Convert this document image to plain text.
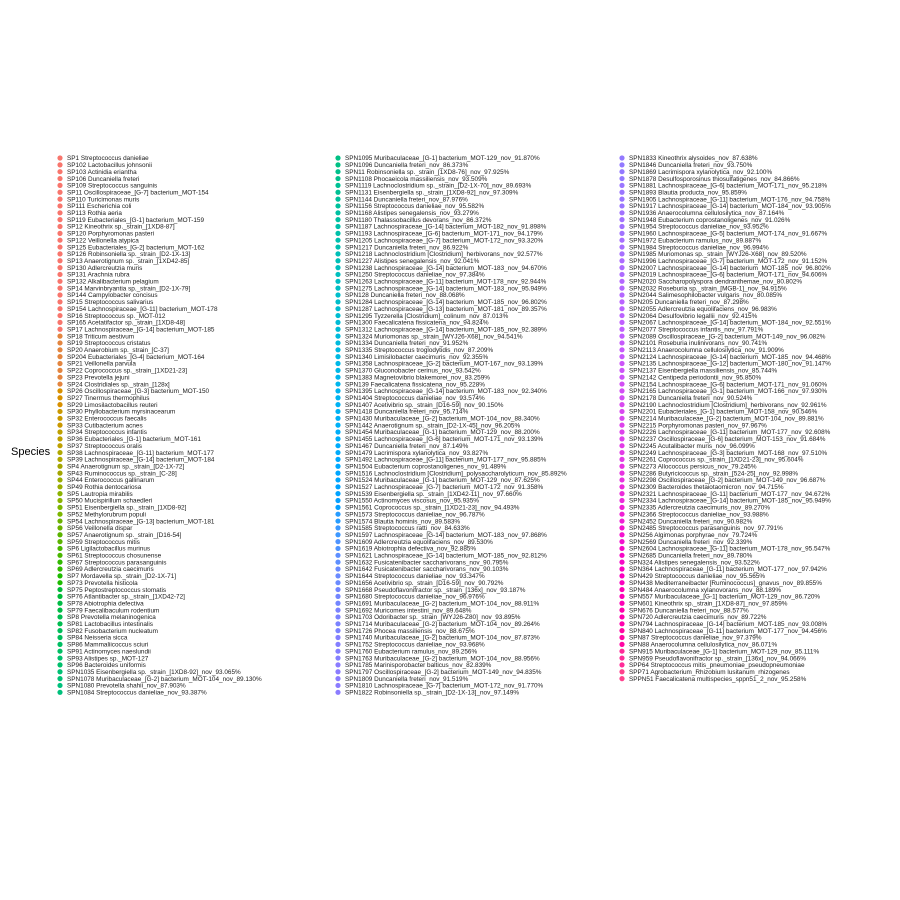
Species
SP1 Streptococcus danieliae
SP102 Lactobacillus johnsonii
SP103 Actinidia eriantha
SP106 Duncaniella freteri
SP109 Streptococcus sanguinis
SP11 Oscillospiraceae_[G-7] bacterium_MOT-154
SP110 Turicimonas muris
SP111 Escherichia coli
SP113 Rothia aeria
SP119 Eubacteriales_[G-1] bacterium_MOT-159
SP12 Kineothrix sp._strain_[1XD8-87]
SP120 Porphyromonas pasteri
SP122 Veillonella atypica
SP125 Eubacteriales_[G-2] bacterium_MOT-162
SP126 Robinsoniella sp._strain_[D2-1X-13]
SP13 Anaerotignum sp._strain_[1XD42-85]
SP130 Adlercreutzia muris
SP131 Arachnia rubra
SP132 Alkalibacterium pelagium
SP14 Marvinbryantia sp._strain_[D2-1X-79]
SP144 Campylobacter concisus
SP15 Streptococcus salivarius
SP154 Lachnospiraceae_[G-11] bacterium_MOT-178
SP16 Streptococcus sp._MOT-012
SP165 Acetatifactor sp._strain_[1XD8-48]
SP17 Lachnospiraceae_[G-14] bacterium_MOT-185
SP18 Triticum aestivum
SP19 Streptococcus cristatus
SP20 Anaerobium sp._strain_[C-37]
SP204 Eubacteriales_[G-4] bacterium_MOT-164
SP21 Veillonella parvula
SP22 Coprococcus sp._strain_[1XD21-23]
SP23 Prevotella jejuni
SP24 Clostridiales sp._strain_[128x]
SP26 Oscillospiraceae_[G-3] bacterium_MOT-150
SP27 Tinerrnus thermophilus
SP29 Limosilactobacillus reuteri
SP30 Phyllobacterium myrsinacearum
SP32 Enterococcus faecalis
SP33 Cutibacterium acnes
SP34 Streptococcus infantis
SP36 Eubacteriales_[G-1] bacterium_MOT-161
SP37 Streptococcus oralis
SP38 Lachnospiraceae_[G-11] bacterium_MOT-177
SP39 Lachnospiraceae_[G-14] bacterium_MOT-184
SP4 Anaerotignum sp._strain_[D2-1X-72]
SP43 Ruminococcus sp._strain_[C-28]
SP44 Enterococcus gallinarum
SP49 Rothia dentocariosa
SP5 Lautropia mirabilis
SP50 Mucispirillum schaedleri
SP51 Eisenbergiella sp._strain_[1XD8-92]
SP52 Methylorubrum populi
SP54 Lachnospiraceae_[G-13] bacterium_MOT-181
SP56 Veillonella dispar
SP57 Anaerotignum sp._strain_[D16-54]
SP59 Streptococcus mitis
SP6 Ligilactobacillus murinus
SP61 Streptococcus chosunense
SP67 Streptococcus parasanguinis
SP69 Adlercreutzia caecimuris
SP7 Mordavella sp._strain_[D2-1X-71]
SP73 Prevotella histicola
SP75 Peptostreptococcus stomatis
SP76 Atlantibacter sp._strain_[1XD42-72]
SP78 Abiotrophia defectiva
SP79 Faecalibaculum rodentium
SP8 Prevotella melaninogenica
SP81 Lactobacillus intestinalis
SP82 Fusobacterium nucleatum
SP84 Neisseria sicca
SP86 Mammaliicoccus sciuri
SP91 Actinomyces naeslundii
SP93 Alistipes sp._MOT-127
SP96 Bacteroides uniformis
SPN1035 Eisenbergiella sp._strain_[1XD8-92]_nov_93.065%
SPN1078 Muribaculaceae_[G-2] bacterium_MOT-104_nov_89.130%
SPN1080 Prevotella shahii_nov_87.903%
SPN1084 Streptococcus danieliae_nov_93.387%
SPN1095 Muribaculaceae_[G-1] bacterium_MOT-129_nov_91.870%
SPN1096 Duncaniella freteri_nov_86.373%
SPN11 Robinsoniella sp._strain_[1XD8-76]_nov_97.925%
SPN1108 Phocaeicola massiliensis_nov_93.509%
SPN1119 Lachnoclostridium sp._strain_[D2-1X-70]_nov_89.693%
SPN1131 Eisenbergiella sp._strain_[1XD8-92]_nov_97.309%
SPN1144 Duncaniella freteri_nov_87.976%
SPN1156 Streptococcus danieliae_nov_95.582%
SPN1168 Alistipes senegalensis_nov_93.279%
SPN1180 Thalassobacillus devorans_nov_86.372%
SPN1187 Lachnospiraceae_[G-14] bacterium_MOT-182_nov_91.898%
SPN1193 Lachnospiraceae_[G-6] bacterium_MOT-171_nov_94.179%
SPN1205 Lachnospiraceae_[G-7] bacterium_MOT-172_nov_93.320%
SPN1217 Duncaniella freteri_nov_86.922%
SPN1218 Lachnoclostridium [Clostridium]_herbivorans_nov_92.577%
SPN1227 Alistipes senegalensis_nov_92.041%
SPN1238 Lachnospiraceae_[G-14] bacterium_MOT-183_nov_94.670%
SPN1250 Streptococcus danieliae_nov_97.384%
SPN1263 Lachnospiraceae_[G-11] bacterium_MOT-178_nov_92.944%
SPN1275 Lachnospiraceae_[G-14] bacterium_MOT-183_nov_95.949%
SPN128 Duncaniella freteri_nov_88.068%
SPN1284 Lachnospiraceae_[G-14] bacterium_MOT-185_nov_96.802%
SPN1287 Lachnospiraceae_[G-13] bacterium_MOT-181_nov_89.357%
SPN1295 Tyzzerella [Clostridium]_colinum_nov_87.013%
SPN1300 Faecalicatena fissicatena_nov_94.824%
SPN1312 Lachnospiraceae_[G-14] bacterium_MOT-185_nov_92.389%
SPN1324 Muriomonas sp._strain_[WYJ26-X68]_nov_94.541%
SPN1334 Duncaniella freteri_nov_91.952%
SPN1335 Streptococcus troglodytidis_nov_87.209%
SPN1340 Limisilobacter caecimuris_nov_92.355%
SPN1358 Lachnospiraceae_[G-2] bacterium_MOT-167_nov_93.139%
SPN1370 Gluconobacter cerinus_nov_93.542%
SPN1383 Magnetovibrio blakemorei_nov_83.259%
SPN139 Faecalicatena fissicatena_nov_95.228%
SPN1395 Lachnospiraceae_[G-14] bacterium_MOT-183_nov_92.340%
SPN1404 Streptococcus danieliae_nov_93.574%
SPN1407 Acetivibrio sp._strain_[D16-59]_nov_90.150%
SPN1418 Duncaniella freteri_nov_95.714%
SPN1430 Muribaculaceae_[G-2] bacterium_MOT-104_nov_88.340%
SPN1442 Anaerotignum sp._strain_[D2-1X-45]_nov_96.205%
SPN1454 Muribaculaceae_[G-1] bacterium_MOT-129_nov_88.200%
SPN1455 Lachnospiraceae_[G-6] bacterium_MOT-171_nov_93.139%
SPN1467 Duncaniella freteri_nov_87.149%
SPN1479 Lacrimispora xylanolytica_nov_93.827%
SPN1492 Lachnospiraceae_[G-11] bacterium_MOT-177_nov_95.885%
SPN1504 Eubacterium coprostanoligenes_nov_91.489%
SPN1516 Lachnoclostridium [Clostridium]_polysaccharolyticum_nov_85.892%
SPN1524 Muribaculaceae_[G-1] bacterium_MOT-129_nov_87.625%
SPN1527 Lachnospiraceae_[G-7] bacterium_MOT-172_nov_91.358%
SPN1539 Eisenbergiella sp._strain_[1XD42-11]_nov_97.660%
SPN1550 Actinomyces viscosus_nov_95.935%
SPN1561 Coprococcus sp._strain_[1XD21-23]_nov_94.493%
SPN1573 Streptococcus danieliae_nov_96.787%
SPN1574 Blautia hominis_nov_89.583%
SPN1585 Streptococcus ratti_nov_84.633%
SPN1597 Lachnospiraceae_[G-14] bacterium_MOT-183_nov_97.868%
SPN1609 Adlercreutzia equolifaciens_nov_89.530%
SPN1619 Abiotrophia defectiva_nov_92.885%
SPN1621 Lachnospiraceae_[G-14] bacterium_MOT-185_nov_92.812%
SPN1632 Fusicatenibacter saccharivorans_nov_90.795%
SPN1642 Fusicatenibacter saccharivorans_nov_90.103%
SPN1644 Streptococcus danieliae_nov_93.347%
SPN1656 Acetivibrio sp._strain_[D16-59]_nov_90.792%
SPN1668 Pseudoflavonifractor sp._strain_[136x]_nov_93.187%
SPN1680 Streptococcus danieliae_nov_96.976%
SPN1691 Muribaculaceae_[G-2] bacterium_MOT-104_nov_88.911%
SPN1692 Muricomes intestini_nov_89.648%
SPN1703 Odoribacter sp._strain_[WYJ26-Z80]_nov_93.895%
SPN1714 Muribaculaceae_[G-2] bacterium_MOT-104_nov_89.264%
SPN1726 Phocea massiliensis_nov_88.675%
SPN1740 Muribaculaceae_[G-2] bacterium_MOT-104_nov_87.873%
SPN1752 Streptococcus danieliae_nov_93.968%
SPN1760 Eubacterium ramulus_nov_89.256%
SPN1763 Muribaculaceae_[G-2] bacterium_MOT-104_nov_88.956%
SPN1785 Marinisporobacter balticus_nov_82.839%
SPN1797 Oscillospiraceae_[G-2] bacterium_MOT-149_nov_94.835%
SPN1809 Duncaniella freteri_nov_91.519%
SPN1810 Lachnospiraceae_[G-7] bacterium_MOT-172_nov_91.770%
SPN1822 Robinsoniella sp._strain_[D2-1X-13]_nov_97.149%
SPN1833 Kineothrix alysoides_nov_87.638%
SPN1846 Duncaniella freteri_nov_93.750%
SPN1869 Lacrimispora xylanolytica_nov_92.100%
SPN1878 Desulfosporosinus thiosulfatigenes_nov_84.866%
SPN1881 Lachnospiraceae_[G-6] bacterium_MOT-171_nov_95.218%
SPN1893 Blautia producta_nov_95.859%
SPN1905 Lachnospiraceae_[G-11] bacterium_MOT-176_nov_94.758%
SPN1917 Lachnospiraceae_[G-14] bacterium_MOT-184_nov_93.905%
SPN1936 Anaerocolumna cellulosilytica_nov_87.164%
SPN1948 Eubacterium coprostanoligenes_nov_91.026%
SPN1954 Streptococcus danieliae_nov_93.952%
SPN1960 Lachnospiraceae_[G-5] bacterium_MOT-174_nov_91.667%
SPN1972 Eubacterium ramulus_nov_89.887%
SPN1984 Streptococcus danieliae_nov_96.994%
SPN1985 Muriomonas sp._strain_[WYJ26-X68]_nov_89.520%
SPN1996 Lachnospiraceae_[G-7] bacterium_MOT-172_nov_91.152%
SPN2007 Lachnospiraceae_[G-14] bacterium_MOT-185_nov_96.802%
SPN2019 Lachnospiraceae_[G-6] bacterium_MOT-171_nov_94.606%
SPN2020 Saccharopolyspora dendranthemae_nov_80.802%
SPN2032 Roseburia sp._strain_[MGB-1]_nov_94.915%
SPN2044 Salimesophilobacter vulgaris_nov_80.085%
SPN205 Duncaniella freteri_nov_87.298%
SPN2055 Adlercreutzia equolifaciens_nov_96.983%
SPN2064 Desulfovibrio legallii_nov_92.415%
SPN2067 Lachnospiraceae_[G-14] bacterium_MOT-184_nov_92.551%
SPN2077 Streptococcus infantis_nov_97.791%
SPN2089 Oscillospiraceae_[G-2] bacterium_MOT-149_nov_96.082%
SPN2101 Roseburia inulinivorans_nov_90.741%
SPN2113 Anaerocolumna cellulosilytica_nov_91.909%
SPN2124 Lachnospiraceae_[G-14] bacterium_MOT-185_nov_94.468%
SPN2135 Lachnospiraceae_[G-12] bacterium_MOT-180_nov_91.147%
SPN2137 Eisenbergiella massiliensis_nov_85.744%
SPN2142 Centipeda periodontii_nov_95.850%
SPN2154 Lachnospiraceae_[G-6] bacterium_MOT-171_nov_91.060%
SPN2165 Lachnospiraceae_[G-1] bacterium_MOT-166_nov_97.930%
SPN2178 Duncaniella freteri_nov_90.524%
SPN2190 Lachnoclostridium [Clostridium]_herbivorans_nov_92.961%
SPN2201 Eubacteriales_[G-1] bacterium_MOT-158_nov_90.546%
SPN2214 Muribaculaceae_[G-2] bacterium_MOT-104_nov_89.881%
SPN2215 Porphyromonas pasteri_nov_97.967%
SPN2226 Lachnospiraceae_[G-11] bacterium_MOT-177_nov_92.608%
SPN2237 Oscillospiraceae_[G-6] bacterium_MOT-153_nov_91.684%
SPN2245 Acutalibacter muris_nov_96.099%
SPN2249 Lachnospiraceae_[G-3] bacterium_MOT-168_nov_97.510%
SPN2261 Coprococcus sp._strain_[1XD21-23]_nov_95.604%
SPN2273 Allococcus persicus_nov_79.245%
SPN2286 Butyricicoccus sp._strain_[524-25]_nov_92.998%
SPN2298 Oscillospiraceae_[G-2] bacterium_MOT-149_nov_96.687%
SPN2309 Bacteroides thetaiotaomicron_nov_94.715%
SPN2321 Lachnospiraceae_[G-11] bacterium_MOT-177_nov_94.672%
SPN2334 Lachnospiraceae_[G-14] bacterium_MOT-185_nov_95.949%
SPN2335 Adlercreutzia caecimuris_nov_89.270%
SPN2366 Streptococcus danieliae_nov_93.988%
SPN2452 Duncaniella freteri_nov_90.982%
SPN2485 Streptococcus parasanguinis_nov_97.791%
SPN256 Algimonas porphyrae_nov_79.724%
SPN2569 Duncaniella freteri_nov_92.339%
SPN2604 Lachnospiraceae_[G-11] bacterium_MOT-178_nov_95.547%
SPN2685 Duncaniella freteri_nov_89.780%
SPN324 Alistipes senegalensis_nov_93.522%
SPN364 Lachnospiraceae_[G-11] bacterium_MOT-177_nov_97.942%
SPN429 Streptococcus danieliae_nov_95.565%
SPN438 Mediterraneibacter [Ruminococcus]_gnavus_nov_89.855%
SPN484 Anaerocolumna xylanovorans_nov_88.189%
SPN557 Muribaculaceae_[G-1] bacterium_MOT-129_nov_86.720%
SPN601 Kineothrix sp._strain_[1XD8-87]_nov_97.859%
SPN676 Duncaniella freteri_nov_88.577%
SPN720 Adlercreutzia caecimuris_nov_89.722%
SPN794 Lachnospiraceae_[G-14] bacterium_MOT-185_nov_93.008%
SPN840 Lachnospiraceae_[G-11] bacterium_MOT-177_nov_94.456%
SPN87 Streptococcus danieliae_nov_97.379%
SPN88 Anaerocolumna cellulosilytica_nov_86.071%
SPN915 Muribaculaceae_[G-1] bacterium_MOT-129_nov_85.111%
SPN959 Pseudoflavonifractor sp._strain_[136x]_nov_94.066%
SPP64 Streptococcus mitis_pneumoniae_pseudopneumoniae
SPP71 Agrobacterium_Rhizobium lusitanum_rhizogenes
SPPN51 Faecalicatena multispecies_sppn51_2_nov_95.258%
